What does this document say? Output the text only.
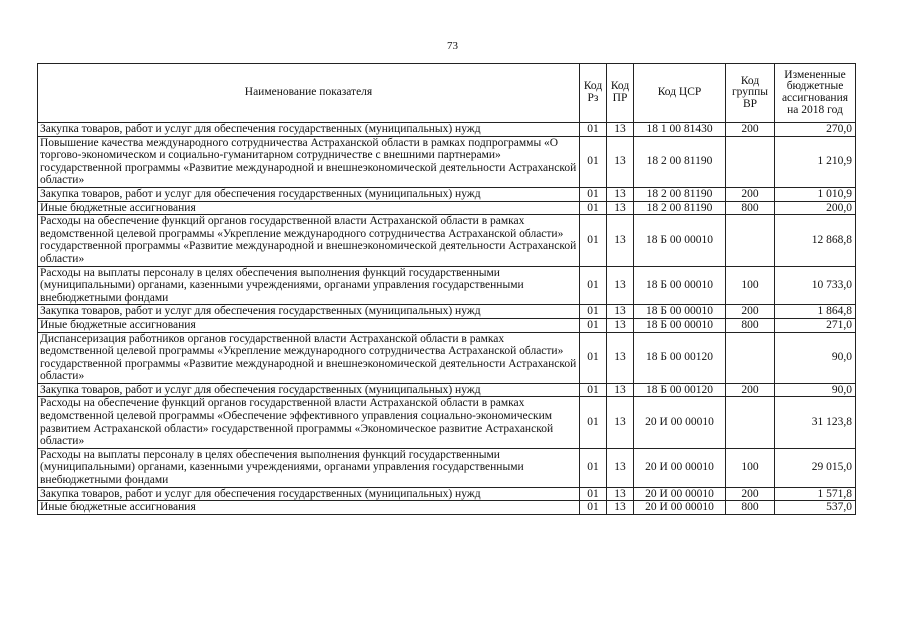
73
Наименование показателя	Код Рз	Код ПР	Код ЦСР	Код группы ВР	Измененные бюджетные ассигнования на 2018 год
Закупка товаров, работ и услуг для обеспечения государственных (муниципальных) нужд	01	13	18 1 00 81430	200	270,0
Повышение качества международного сотрудничества Астраханской области в рамках подпрограммы «О торгово-экономическом и социально-гуманитарном сотрудничестве с внешними партнерами» государственной программы «Развитие международной и внешнеэкономической деятельности Астраханской области»	01	13	18 2 00 81190		1 210,9
Закупка товаров, работ и услуг для обеспечения государственных (муниципальных) нужд	01	13	18 2 00 81190	200	1 010,9
Иные бюджетные ассигнования	01	13	18 2 00 81190	800	200,0
Расходы на обеспечение функций органов государственной власти Астраханской области в рамках ведомственной целевой программы «Укрепление международного сотрудничества Астраханской области» государственной программы «Развитие международной и внешнеэкономической деятельности Астраханской области»	01	13	18 Б 00 00010		12 868,8
Расходы на выплаты персоналу в целях обеспечения выполнения функций государственными (муниципальными) органами, казенными учреждениями, органами управления государственными внебюджетными фондами	01	13	18 Б 00 00010	100	10 733,0
Закупка товаров, работ и услуг для обеспечения государственных (муниципальных) нужд	01	13	18 Б 00 00010	200	1 864,8
Иные бюджетные ассигнования	01	13	18 Б 00 00010	800	271,0
Диспансеризация работников органов государственной власти Астраханской области в рамках ведомственной целевой программы «Укрепление международного сотрудничества Астраханской области» государственной программы «Развитие международной и внешнеэкономической деятельности Астраханской области»	01	13	18 Б 00 00120		90,0
Закупка товаров, работ и услуг для обеспечения государственных (муниципальных) нужд	01	13	18 Б 00 00120	200	90,0
Расходы на обеспечение функций органов государственной власти Астраханской области в рамках ведомственной целевой программы «Обеспечение эффективного управления социально-экономическим развитием Астраханской области» государственной программы «Экономическое развитие Астраханской области»	01	13	20 И 00 00010		31 123,8
Расходы на выплаты персоналу в целях обеспечения выполнения функций государственными (муниципальными) органами, казенными учреждениями, органами управления государственными внебюджетными фондами	01	13	20 И 00 00010	100	29 015,0
Закупка товаров, работ и услуг для обеспечения государственных (муниципальных) нужд	01	13	20 И 00 00010	200	1 571,8
Иные бюджетные ассигнования	01	13	20 И 00 00010	800	537,0
